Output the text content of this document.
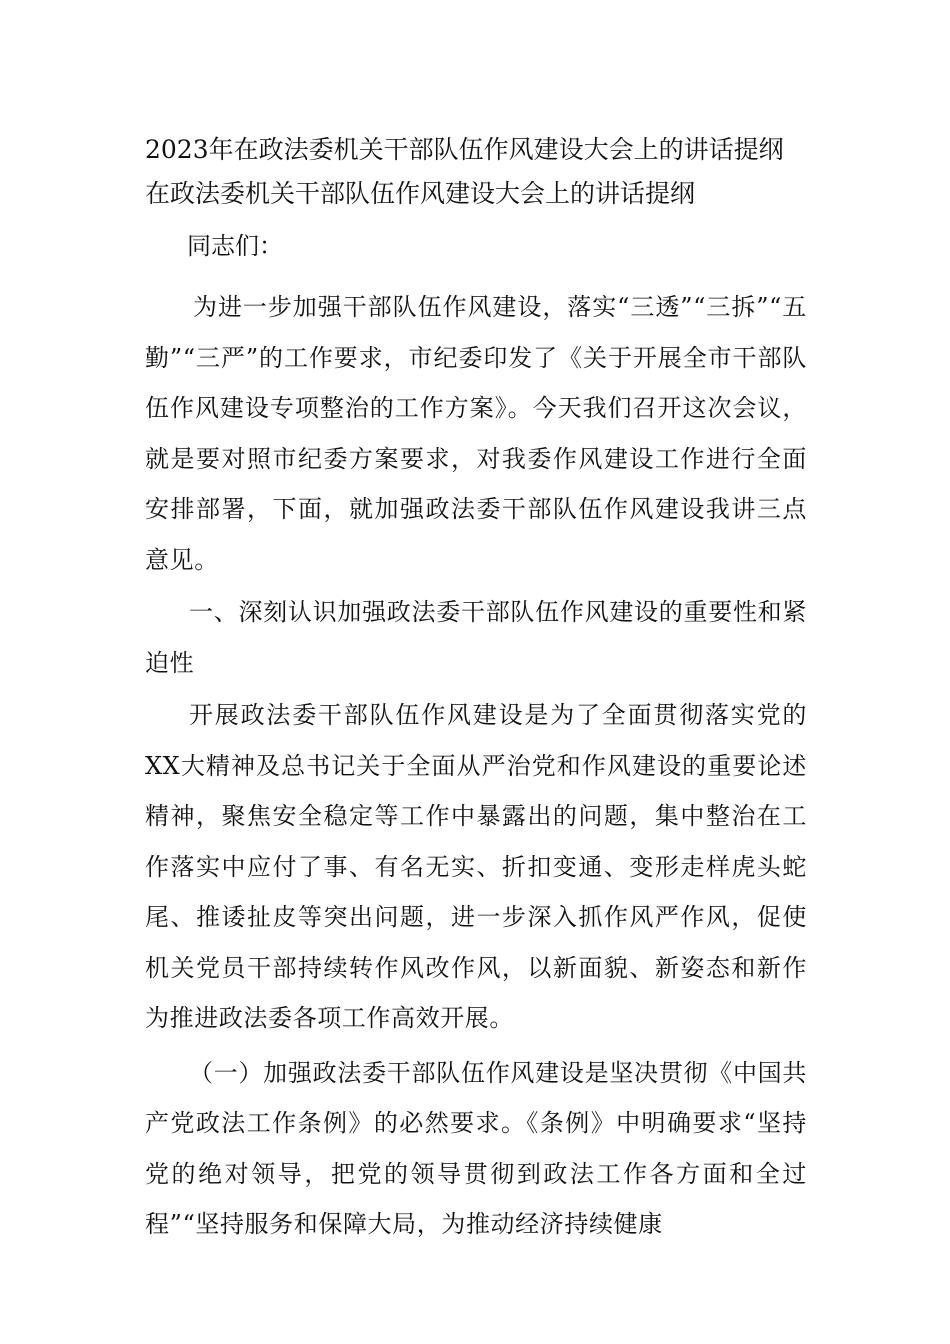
2023年在政法委机关干部队伍作风建设大会上的讲话提纲
在政法委机关干部队伍作风建设大会上的讲话提纲

同志们：

为进一步加强干部队伍作风建设，落实“三透”“三拆”“五勤”“三严”的工作要求，市纪委印发了《关于开展全市干部队伍作风建设专项整治的工作方案》。今天我们召开这次会议，就是要对照市纪委方案要求，对我委作风建设工作进行全面安排部署，下面，就加强政法委干部队伍作风建设我讲三点意见。

一、深刻认识加强政法委干部队伍作风建设的重要性和紧迫性

开展政法委干部队伍作风建设是为了全面贯彻落实党的XX大精神及总书记关于全面从严治党和作风建设的重要论述精神，聚焦安全稳定等工作中暴露出的问题，集中整治在工作落实中应付了事、有名无实、折扣变通、变形走样虎头蛇尾、推诿扯皮等突出问题，进一步深入抓作风严作风，促使机关党员干部持续转作风改作风，以新面貌、新姿态和新作为推进政法委各项工作高效开展。

（一）加强政法委干部队伍作风建设是坚决贯彻《中国共产党政法工作条例》的必然要求。《条例》中明确要求“坚持党的绝对领导，把党的领导贯彻到政法工作各方面和全过程”“坚持服务和保障大局，为推动经济持续健康
